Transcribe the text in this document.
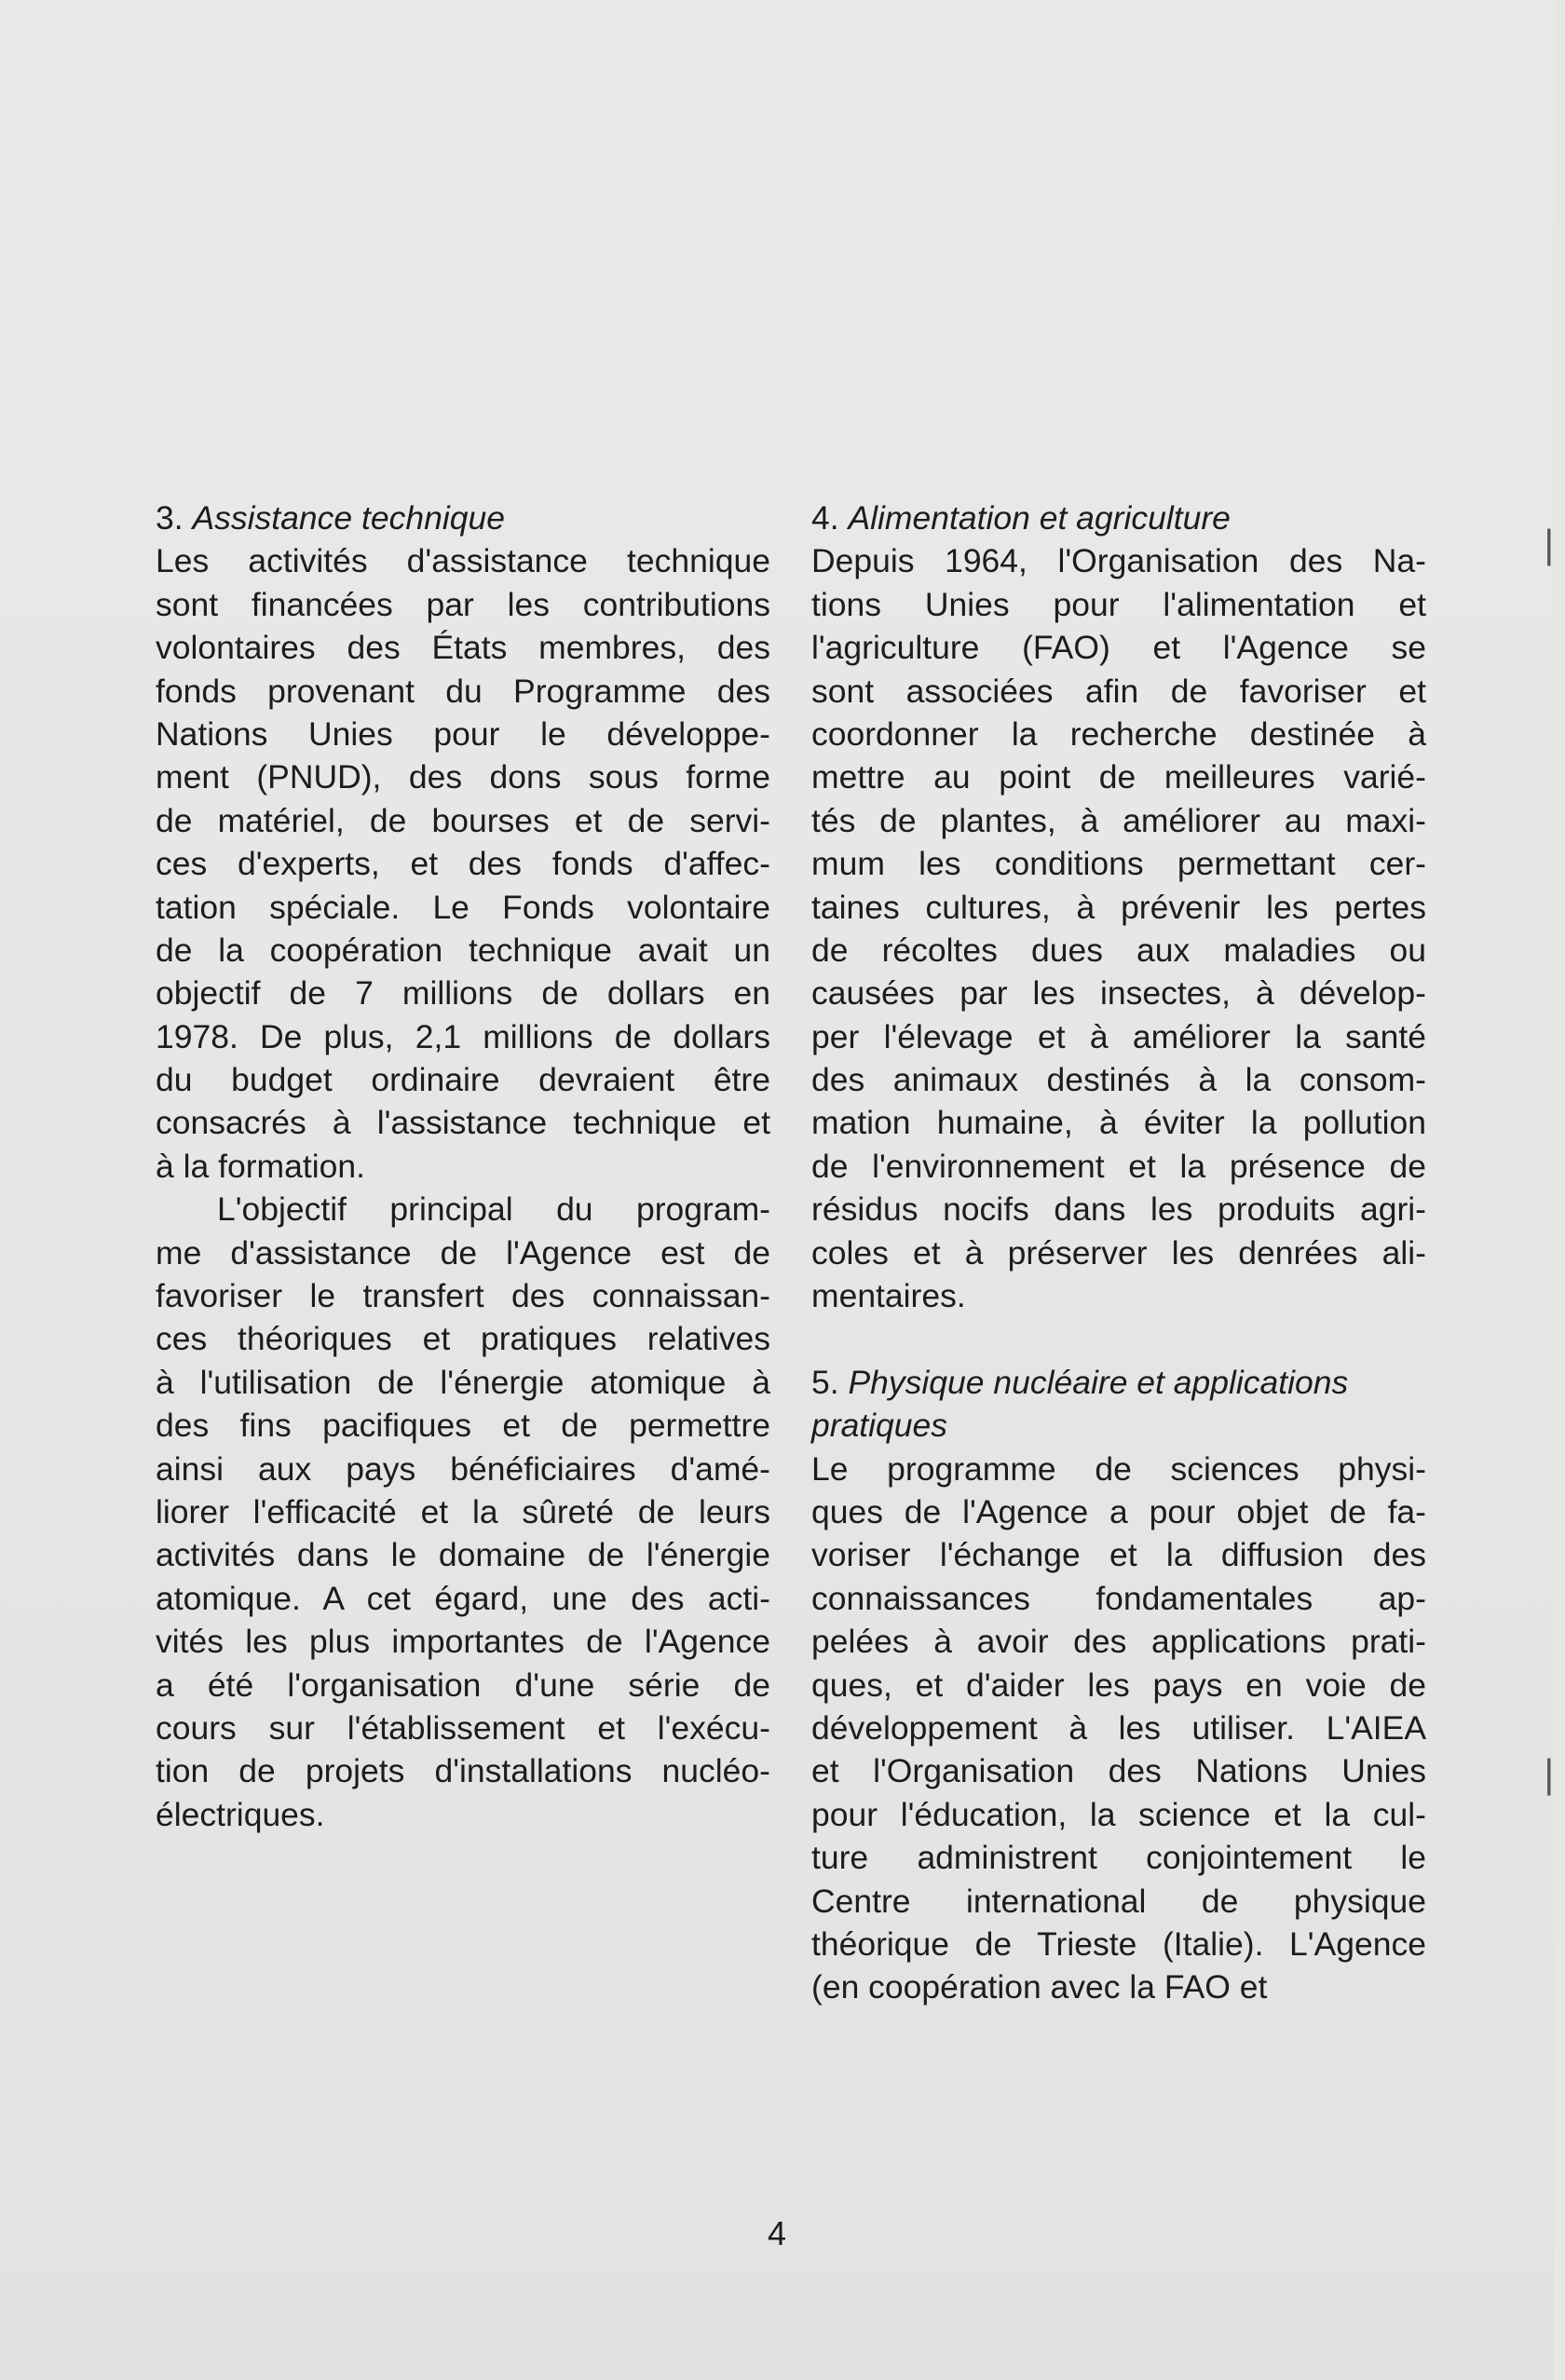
3. Assistance technique
Les activités d'assistance technique
sont financées par les contributions
volontaires des États membres, des
fonds provenant du Programme des
Nations Unies pour le développe-
ment (PNUD), des dons sous forme
de matériel, de bourses et de servi-
ces d'experts, et des fonds d'affec-
tation spéciale. Le Fonds volontaire
de la coopération technique avait un
objectif de 7 millions de dollars en
1978. De plus, 2,1 millions de dollars
du budget ordinaire devraient être
consacrés à l'assistance technique et
à la formation.
L'objectif principal du program-
me d'assistance de l'Agence est de
favoriser le transfert des connaissan-
ces théoriques et pratiques relatives
à l'utilisation de l'énergie atomique à
des fins pacifiques et de permettre
ainsi aux pays bénéficiaires d'amé-
liorer l'efficacité et la sûreté de leurs
activités dans le domaine de l'énergie
atomique. A cet égard, une des acti-
vités les plus importantes de l'Agence
a été l'organisation d'une série de
cours sur l'établissement et l'exécu-
tion de projets d'installations nucléo-
électriques.
4. Alimentation et agriculture
Depuis 1964, l'Organisation des Na-
tions Unies pour l'alimentation et
l'agriculture (FAO) et l'Agence se
sont associées afin de favoriser et
coordonner la recherche destinée à
mettre au point de meilleures varié-
tés de plantes, à améliorer au maxi-
mum les conditions permettant cer-
taines cultures, à prévenir les pertes
de récoltes dues aux maladies ou
causées par les insectes, à dévelop-
per l'élevage et à améliorer la santé
des animaux destinés à la consom-
mation humaine, à éviter la pollution
de l'environnement et la présence de
résidus nocifs dans les produits agri-
coles et à préserver les denrées ali-
mentaires.
5. Physique nucléaire et applications
pratiques
Le programme de sciences physi-
ques de l'Agence a pour objet de fa-
voriser l'échange et la diffusion des
connaissances fondamentales ap-
pelées à avoir des applications prati-
ques, et d'aider les pays en voie de
développement à les utiliser. L'AIEA
et l'Organisation des Nations Unies
pour l'éducation, la science et la cul-
ture administrent conjointement le
Centre international de physique
théorique de Trieste (Italie). L'Agence
(en coopération avec la FAO et
4
❘
❘
